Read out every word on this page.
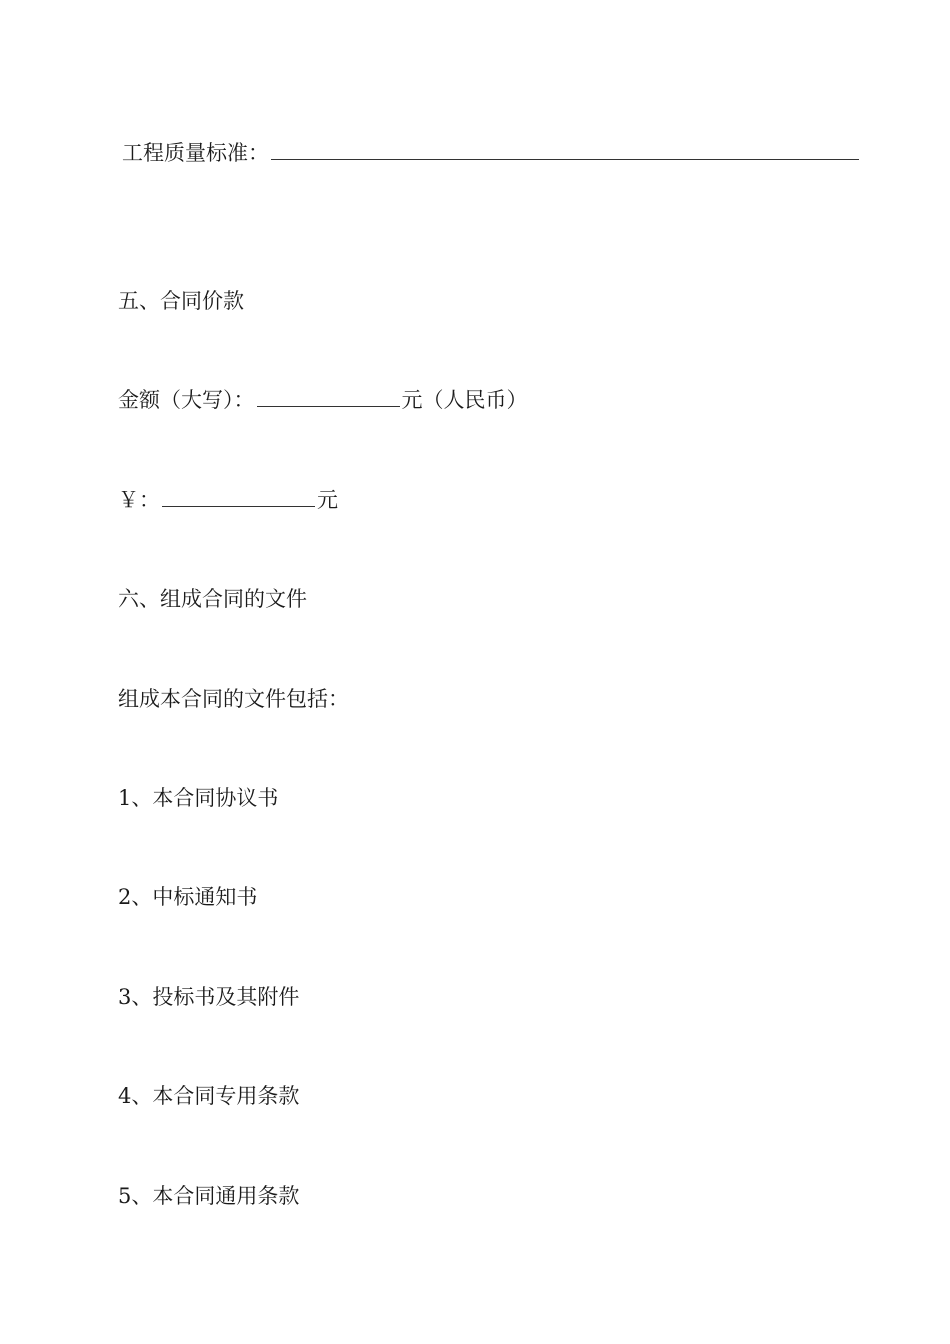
工程质量标准：
五、合同价款
金额（大写）：	元（人民币）
￥：	元
六、组成合同的文件
组成本合同的文件包括：
1、本合同协议书
2、中标通知书
3、投标书及其附件
4、本合同专用条款
5、本合同通用条款
